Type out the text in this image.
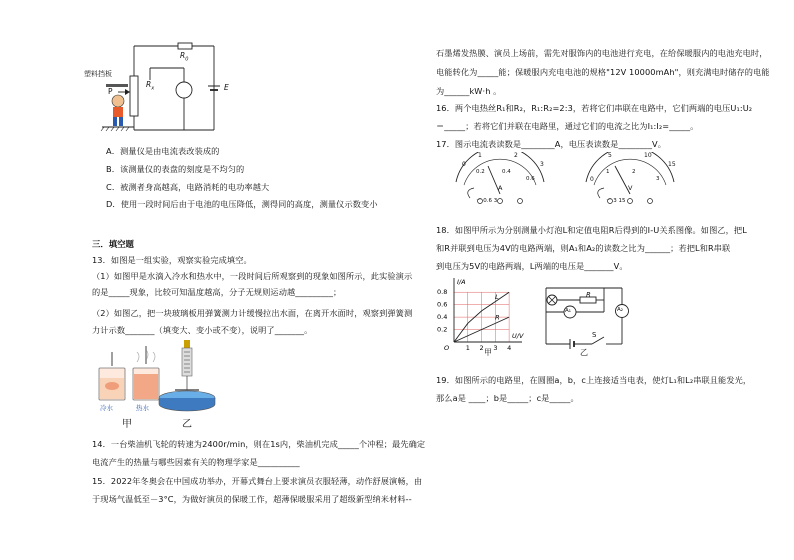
塑料挡板
$R_0$
$R_x$
P	E
A．测量仪是由电流表改装成的
B．该测量仪的表盘的刻度是不均匀的
C．被测者身高越高，电路消耗的电功率越大
D．使用一段时间后由于电池的电压降低，测得同的高度，测量仪示数变小
三．填空题
13．如图是一组实验，观察实验完成填空。
（1）如图甲是水滴入冷水和热水中，一段时间后所观察到的现象如图所示，此实验演示
的是_____现象，比较可知温度越高，分子无规则运动越_________；
（2）如图乙，把一块玻璃板用弹簧测力计缓慢拉出水面，在离开水面时，观察到弹簧测
力计示数_______（填变大、变小或不变），说明了_______。
冷水	热水
甲	乙
14．一台柴油机飞轮的转速为2400r/min，则在1s内，柴油机完成_____个冲程；最先确定
电流产生的热量与哪些因素有关的物理学家是__________
15．2022年冬奥会在中国成功举办，开幕式舞台上要求演员衣服轻薄，动作舒展演畅，由
于现场气温低至－3°C，为做好演员的保暖工作，超薄保暖服采用了超级新型纳米材料--
石墨烯发热膜、演员上场前，需先对服饰内的电池进行充电，在给保暖服内的电池充电时，
电能转化为_____能；保暖服内充电电池的规格"12V 10000mAh"，则充满电时储存的电能
为______kW·h 。
16．两个电热丝R₁和R₂，R₁:R₂=2:3，若将它们串联在电路中，它们两端的电压U₁:U₂
＝_____；若将它们并联在电路里，通过它们的电流之比为I₁:I₂=_____。
17．图示电流表读数是________A，电压表读数是________V。
0
1	2
3
0.2	0.4
0.6
A
－ 0.6 3
0
5	10
15
1	2
3
V
－ 3 15
18．如图甲所示为分别测量小灯泡L和定值电阻R后得到的I-U关系图像。如图乙，把L
和R并联到电压为4V的电路两端，则A₁和A₂的读数之比为______；若把L和R串联
到电压为5V的电路两端，L两端的电压是_______V。
1 2 3 4
0.2
0.4
0.6
0.8
O
I/A
U/V
L
R
甲
R
A₁	A₂
S
乙
19．如图所示的电路里，在圆圈a，b，c上连接适当电表，使灯L₁和L₂串联且能发光，
那么a是 ____；b是_____；c是_____。
